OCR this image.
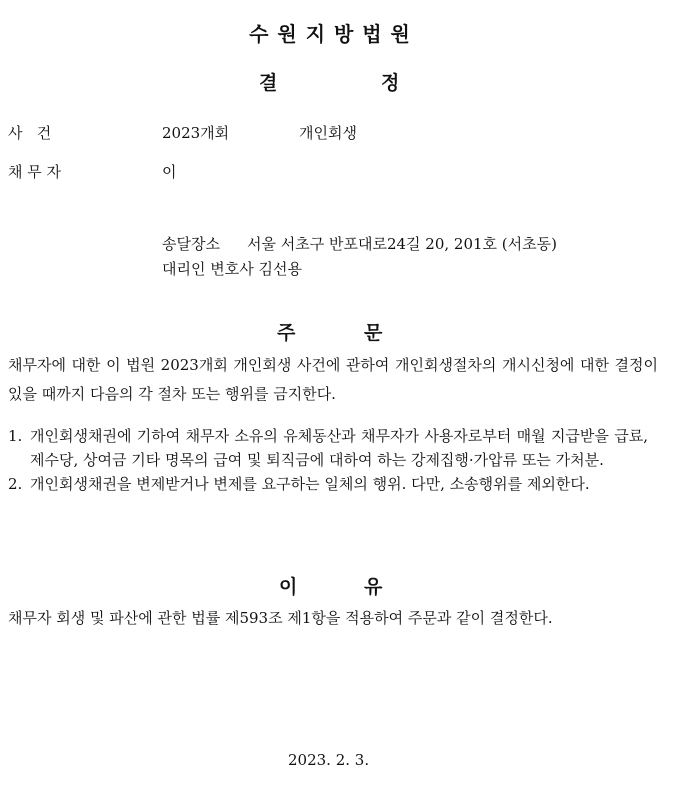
수 원 지 방 법 원
결	정
사   건	2023개회	개인회생
채 무 자	이
송달장소 서울 서초구 반포대로24길 20, 201호 (서초동)
대리인 변호사 김선용
주	문
채무자에 대한 이 법원 2023개회 개인회생 사건에 관하여 개인회생절차의 개시신청에 대한 결정이 있을 때까지 다음의 각 절차 또는 행위를 금지한다.
1. 개인회생채권에 기하여 채무자 소유의 유체동산과 채무자가 사용자로부터 매월 지급받을 급료, 제수당, 상여금 기타 명목의 급여 및 퇴직금에 대하여 하는 강제집행·가압류 또는 가처분.
2. 개인회생채권을 변제받거나 변제를 요구하는 일체의 행위. 다만, 소송행위를 제외한다.
이	유
채무자 회생 및 파산에 관한 법률 제593조 제1항을 적용하여 주문과 같이 결정한다.
2023. 2. 3.
